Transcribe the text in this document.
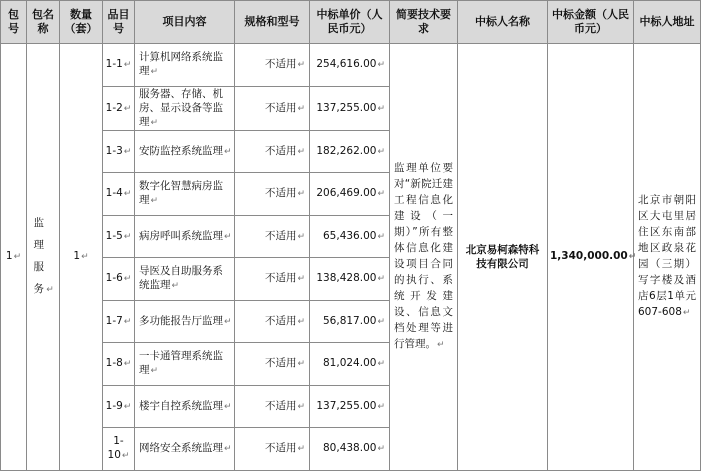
包号	包名称	数量（套）	品目号	项目内容	规格和型号	中标单价（人民币元）	简要技术要求	中标人名称	中标金额（人民币元）	中标人地址
1↵	监理服务 ↵	1↵	1-1↵	计算机网络系统监理↵	不适用↵	254,616.00↵	监理单位要对“新院迁建工程信息化建设（一期）”所有整体信息化建设项目合同的执行、系统开发建设、信息文档处理等进行管理。↵	北京易柯森特科技有限公司	1,340,000.00↵	北京市朝阳区大屯里居住区东南部地区政泉花园（三期）写字楼及酒店6层1单元607-608↵
			1-2↵	服务器、存储、机房、显示设备等监理↵	不适用↵	137,255.00↵				
			1-3↵	安防监控系统监理↵	不适用↵	182,262.00↵				
			1-4↵	数字化智慧病房监理↵	不适用↵	206,469.00↵				
			1-5↵	病房呼叫系统监理↵	不适用↵	65,436.00↵				
			1-6↵	导医及自助服务系统监理↵	不适用↵	138,428.00↵				
			1-7↵	多功能报告厅监理↵	不适用↵	56,817.00↵				
			1-8↵	一卡通管理系统监理↵	不适用↵	81,024.00↵				
			1-9↵	楼宇自控系统监理↵	不适用↵	137,255.00↵				
			1-10↵	网络安全系统监理↵	不适用↵	80,438.00↵				
